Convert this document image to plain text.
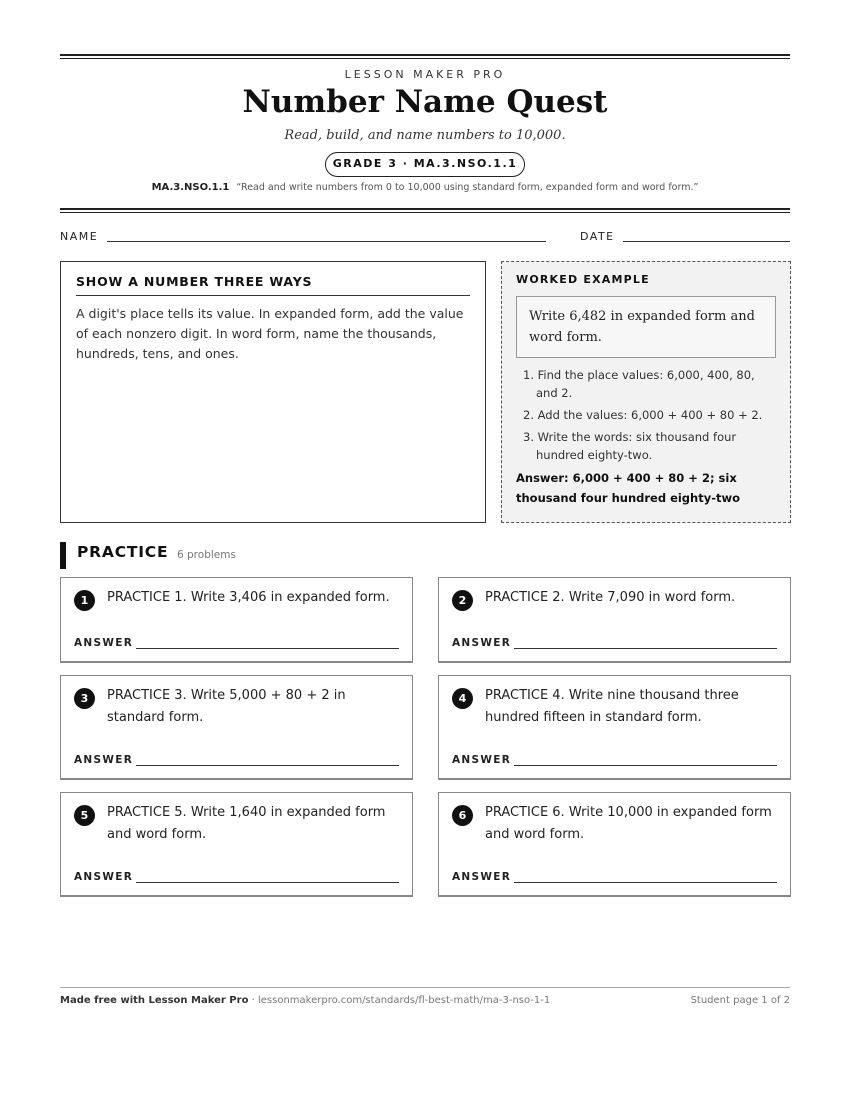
LESSON MAKER PRO
Number Name Quest
Read, build, and name numbers to 10,000.
GRADE 3 · MA.3.NSO.1.1
MA.3.NSO.1.1 “Read and write numbers from 0 to 10,000 using standard form, expanded form and word form.”
NAME	DATE
SHOW A NUMBER THREE WAYS

A digit's place tells its value. In expanded form, add the value of each nonzero digit. In word form, name the thousands, hundreds, tens, and ones.

WORKED EXAMPLE
Write 6,482 in expanded form and word form.
1. Find the place values: 6,000, 400, 80, and 2.
2. Add the values: 6,000 + 400 + 80 + 2.
3. Write the words: six thousand four hundred eighty-two.
Answer: 6,000 + 400 + 80 + 2; six thousand four hundred eighty-two
PRACTICE 6 problems
1	PRACTICE 1. Write 3,406 in expanded form.
ANSWER
2	PRACTICE 2. Write 7,090 in word form.
ANSWER
3	PRACTICE 3. Write 5,000 + 80 + 2 in standard form.
ANSWER
4	PRACTICE 4. Write nine thousand three hundred fifteen in standard form.
ANSWER
5	PRACTICE 5. Write 1,640 in expanded form and word form.
ANSWER
6	PRACTICE 6. Write 10,000 in expanded form and word form.
ANSWER
Made free with Lesson Maker Pro · lessonmakerpro.com/standards/fl-best-math/ma-3-nso-1-1	Student page 1 of 2
